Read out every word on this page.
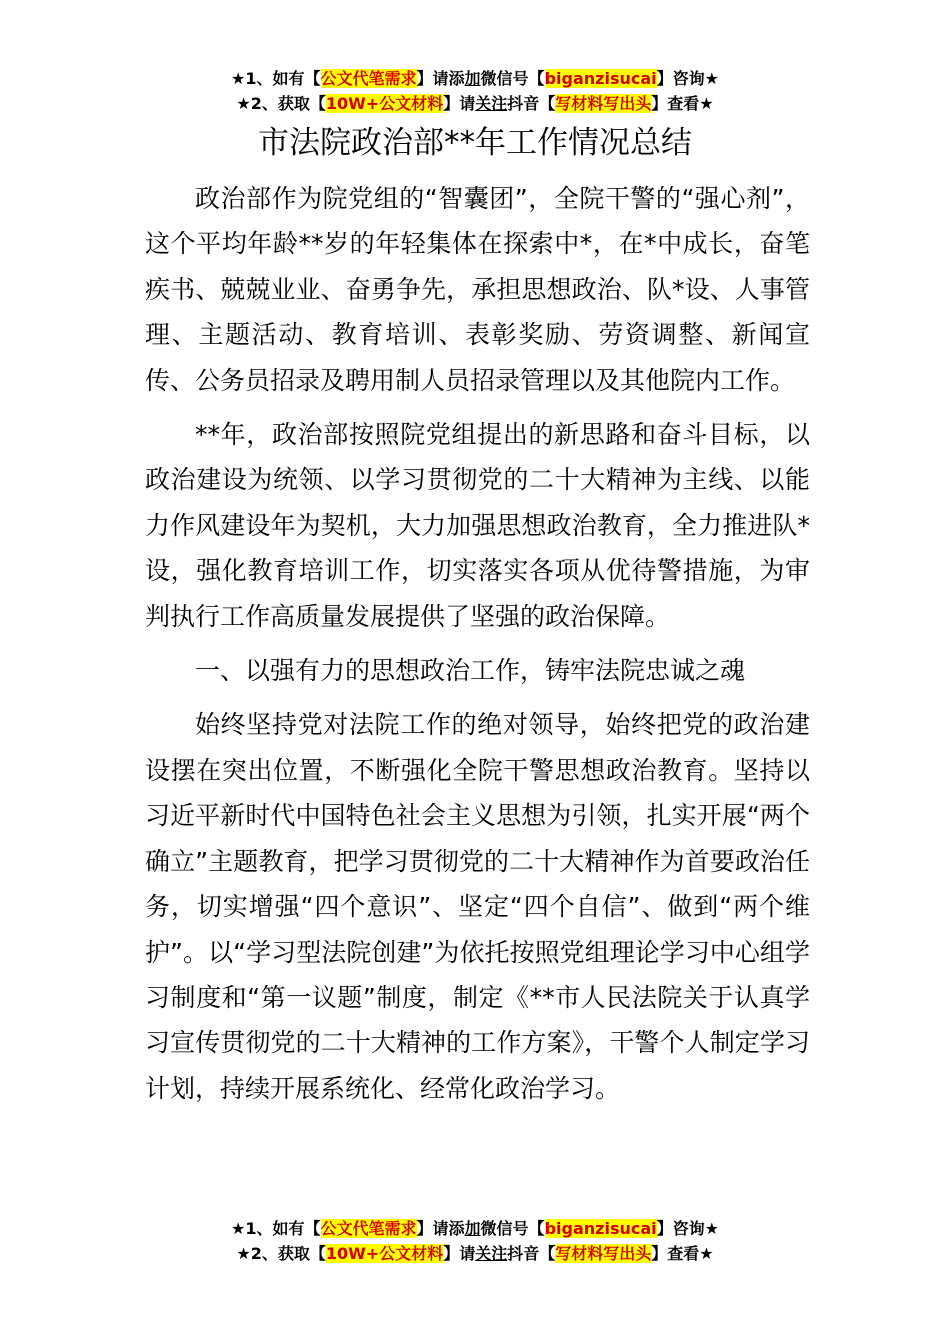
★1、如有【公文代笔需求】请添加微信号【biganzisucai】咨询★
★2、获取【10W+公文材料】请关注抖音【写材料写出头】查看★
市法院政治部**年工作情况总结

政治部作为院党组的“智囊团”，全院干警的“强心剂”，这个平均年龄**岁的年轻集体在探索中*，在*中成长，奋笔疾书、兢兢业业、奋勇争先，承担思想政治、队*设、人事管理、主题活动、教育培训、表彰奖励、劳资调整、新闻宣传、公务员招录及聘用制人员招录管理以及其他院内工作。

**年，政治部按照院党组提出的新思路和奋斗目标，以政治建设为统领、以学习贯彻党的二十大精神为主线、以能力作风建设年为契机，大力加强思想政治教育，全力推进队*设，强化教育培训工作，切实落实各项从优待警措施，为审判执行工作高质量发展提供了坚强的政治保障。

一、以强有力的思想政治工作，铸牢法院忠诚之魂

始终坚持党对法院工作的绝对领导，始终把党的政治建设摆在突出位置，不断强化全院干警思想政治教育。坚持以习近平新时代中国特色社会主义思想为引领，扎实开展“两个确立”主题教育，把学习贯彻党的二十大精神作为首要政治任务，切实增强“四个意识”、坚定“四个自信”、做到“两个维护”。以“学习型法院创建”为依托按照党组理论学习中心组学习制度和“第一议题”制度，制定《**市人民法院关于认真学习宣传贯彻党的二十大精神的工作方案》，干警个人制定学习计划，持续开展系统化、经常化政治学习。

★1、如有【公文代笔需求】请添加微信号【biganzisucai】咨询★
★2、获取【10W+公文材料】请关注抖音【写材料写出头】查看★
